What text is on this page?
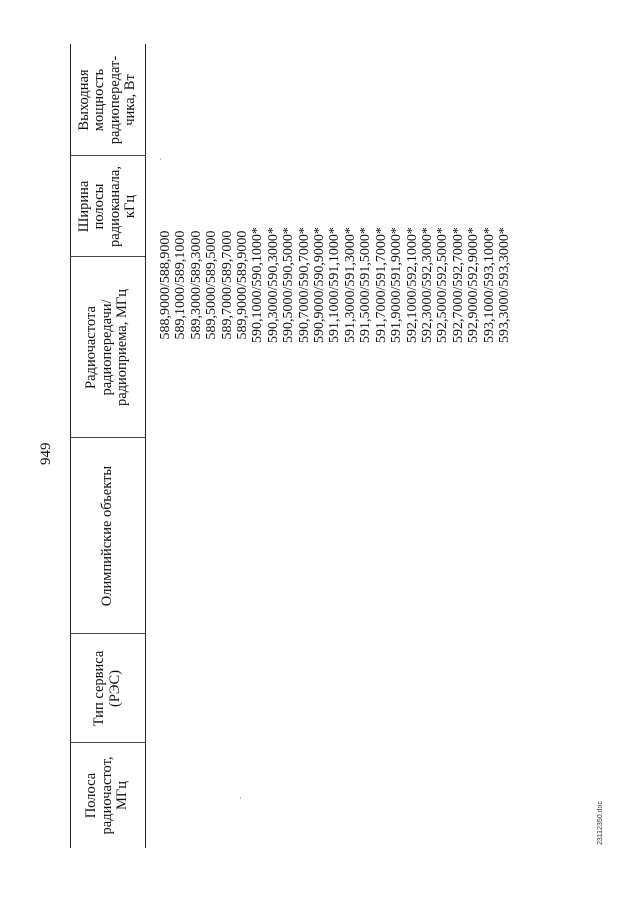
949
Полоса радиочастот, МГц
Тип сервиса (РЭС)
Олимпийские объекты
Радиочастота радиопередачи/ радиоприема, МГц
Ширина полосы радиоканала, кГц
Выходная мощность радиопередат- чика, Вт
588,9000/588,9000 589,1000/589,1000 589,3000/589,3000 589,5000/589,5000 589,7000/589,7000 589,9000/589,9000 590,1000/590,1000* 590,3000/590,3000* 590,5000/590,5000* 590,7000/590,7000* 590,9000/590,9000* 591,1000/591,1000* 591,3000/591,3000* 591,5000/591,5000* 591,7000/591,7000* 591,9000/591,9000* 592,1000/592,1000* 592,3000/592,3000* 592,5000/592,5000* 592,7000/592,7000* 592,9000/592,9000* 593,1000/593,1000* 593,3000/593,3000*
23112350.doc
